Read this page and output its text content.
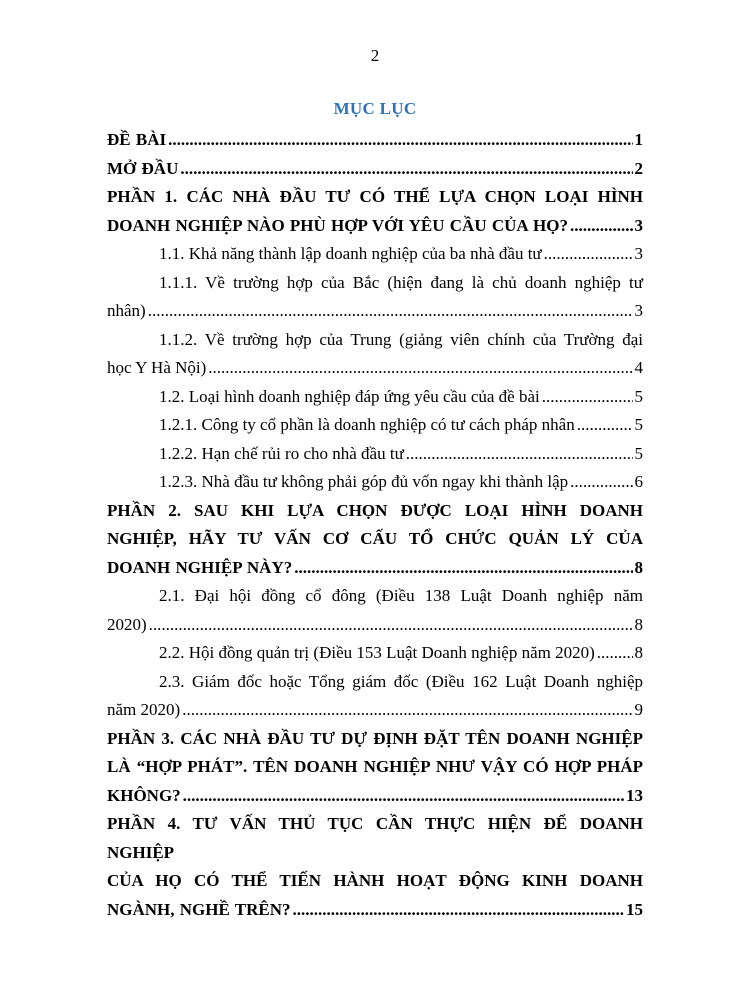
2
MỤC LỤC
ĐỀ BÀI .....	1
MỞ ĐẦU .....	2
PHẦN 1. CÁC NHÀ ĐẦU TƯ CÓ THỂ LỰA CHỌN LOẠI HÌNH
DOANH NGHIỆP NÀO PHÙ HỢP VỚI YÊU CẦU CỦA HỌ? .....	3
1.1. Khả năng thành lập doanh nghiệp của ba nhà đầu tư .....	3
1.1.1. Về trường hợp của Bắc (hiện đang là chủ doanh nghiệp tư
nhân) .....	3
1.1.2. Về trường hợp của Trung (giảng viên chính của Trường đại
học Y Hà Nội) .....	4
1.2. Loại hình doanh nghiệp đáp ứng yêu cầu của đề bài .....	5
1.2.1. Công ty cổ phần là doanh nghiệp có tư cách pháp nhân .....	5
1.2.2. Hạn chế rủi ro cho nhà đầu tư .....	5
1.2.3. Nhà đầu tư không phải góp đủ vốn ngay khi thành lập .....	6
PHẦN 2. SAU KHI LỰA CHỌN ĐƯỢC LOẠI HÌNH DOANH
NGHIỆP, HÃY TƯ VẤN CƠ CẤU TỔ CHỨC QUẢN LÝ CỦA
DOANH NGHIỆP NÀY? .....	8
2.1. Đại hội đồng cổ đông (Điều 138 Luật Doanh nghiệp năm
2020) .....	8
2.2. Hội đồng quản trị (Điều 153 Luật Doanh nghiệp năm 2020) ..... 8
2.3. Giám đốc hoặc Tổng giám đốc (Điều 162 Luật Doanh nghiệp
năm 2020) .....	9
PHẦN 3. CÁC NHÀ ĐẦU TƯ DỰ ĐỊNH ĐẶT TÊN DOANH NGHIỆP
LÀ “HỢP PHÁT”. TÊN DOANH NGHIỆP NHƯ VẬY CÓ HỢP PHÁP
KHÔNG? .....	13
PHẦN 4. TƯ VẤN THỦ TỤC CẦN THỰC HIỆN ĐỂ DOANH NGHIỆP
CỦA HỌ CÓ THỂ TIẾN HÀNH HOẠT ĐỘNG KINH DOANH
NGÀNH, NGHỀ TRÊN? .....	15
